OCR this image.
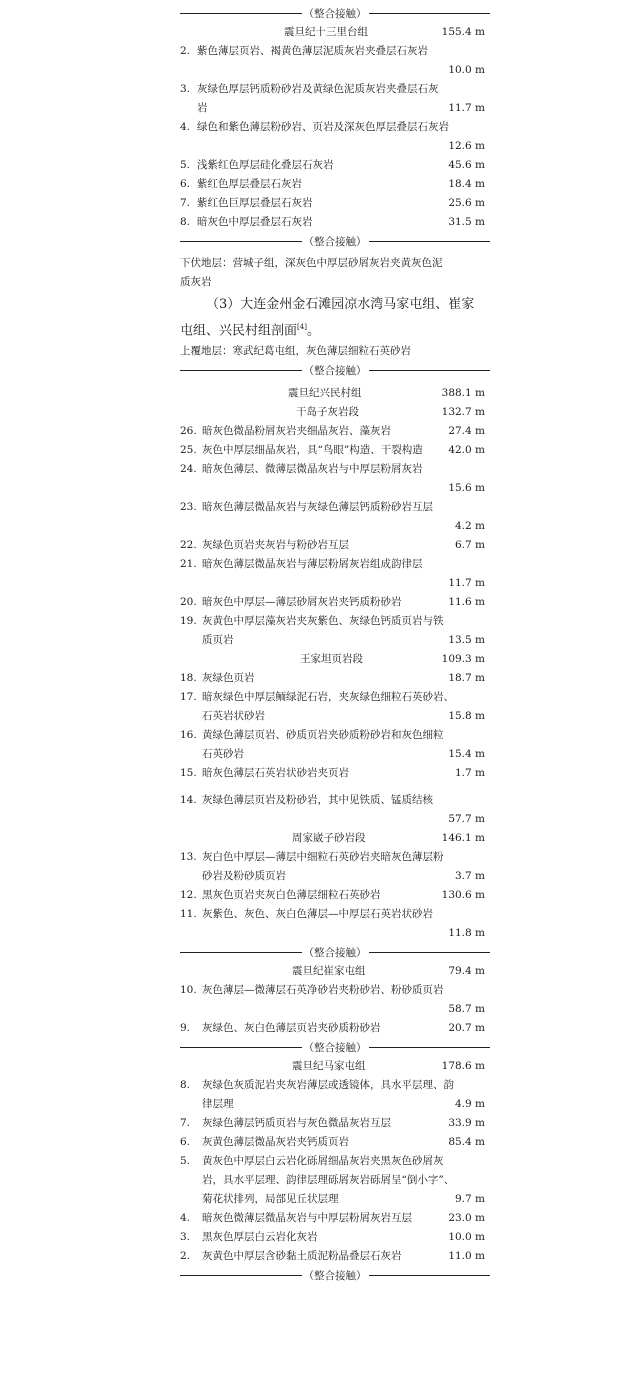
（整合接触）
震旦纪十三里台组	155.4 m
2. 紫色薄层页岩、褐黄色薄层泥质灰岩夹叠层石灰岩
10.0 m
3. 灰绿色厚层钙质粉砂岩及黄绿色泥质灰岩夹叠层石灰
岩	11.7 m
4. 绿色和紫色薄层粉砂岩、页岩及深灰色厚层叠层石灰岩
12.6 m
5. 浅紫红色厚层硅化叠层石灰岩	45.6 m
6. 紫红色厚层叠层石灰岩	18.4 m
7. 紫红色巨厚层叠层石灰岩	25.6 m
8. 暗灰色中厚层叠层石灰岩	31.5 m
（整合接触）
下伏地层：营城子组，深灰色中厚层砂屑灰岩夹黄灰色泥
质灰岩
（3）大连金州金石滩园凉水湾马家屯组、崔家
屯组、兴民村组剖面[4]。
上覆地层：寒武纪葛屯组，灰色薄层细粒石英砂岩
（整合接触）
震旦纪兴民村组	388.1 m
干岛子灰岩段	132.7 m
26. 暗灰色微晶粉屑灰岩夹细晶灰岩、藻灰岩	27.4 m
25. 灰色中厚层细晶灰岩，具“鸟眼”构造、干裂构造	42.0 m
24. 暗灰色薄层、微薄层微晶灰岩与中厚层粉屑灰岩
15.6 m
23. 暗灰色薄层微晶灰岩与灰绿色薄层钙质粉砂岩互层
4.2 m
22. 灰绿色页岩夹灰岩与粉砂岩互层	6.7 m
21. 暗灰色薄层微晶灰岩与薄层粉屑灰岩组成韵律层
11.7 m
20. 暗灰色中厚层—薄层砂屑灰岩夹钙质粉砂岩	11.6 m
19. 灰黄色中厚层藻灰岩夹灰紫色、灰绿色钙质页岩与铁
质页岩	13.5 m
王家坦页岩段	109.3 m
18. 灰绿色页岩	18.7 m
17. 暗灰绿色中厚层鲕绿泥石岩，夹灰绿色细粒石英砂岩、
石英岩状砂岩	15.8 m
16. 黄绿色薄层页岩、砂质页岩夹砂质粉砂岩和灰色细粒
石英砂岩	15.4 m
15. 暗灰色薄层石英岩状砂岩夹页岩	1.7 m
14. 灰绿色薄层页岩及粉砂岩，其中见铁质、锰质结核
57.7 m
周家崴子砂岩段	146.1 m
13. 灰白色中厚层—薄层中细粒石英砂岩夹暗灰色薄层粉
砂岩及粉砂质页岩	3.7 m
12. 黑灰色页岩夹灰白色薄层细粒石英砂岩	130.6 m
11. 灰紫色、灰色、灰白色薄层—中厚层石英岩状砂岩
11.8 m
（整合接触）
震旦纪崔家屯组	79.4 m
10. 灰色薄层—微薄层石英净砂岩夹粉砂岩、粉砂质页岩
58.7 m
9. 灰绿色、灰白色薄层页岩夹砂质粉砂岩	20.7 m
（整合接触）
震旦纪马家屯组	178.6 m
8. 灰绿色灰质泥岩夹灰岩薄层或透镜体，具水平层理、韵
律层理	4.9 m
7. 灰绿色薄层钙质页岩与灰色微晶灰岩互层	33.9 m
6. 灰黄色薄层微晶灰岩夹钙质页岩	85.4 m
5. 黄灰色中厚层白云岩化砾屑细晶灰岩夹黑灰色砂屑灰
岩，具水平层理、韵律层理砾屑灰岩砾屑呈“倒小字”、
菊花状排列，局部见丘状层理	9.7 m
4. 暗灰色微薄层微晶灰岩与中厚层粉屑灰岩互层	23.0 m
3. 黑灰色厚层白云岩化灰岩	10.0 m
2. 灰黄色中厚层含砂黏土质泥粉晶叠层石灰岩	11.0 m
（整合接触）
